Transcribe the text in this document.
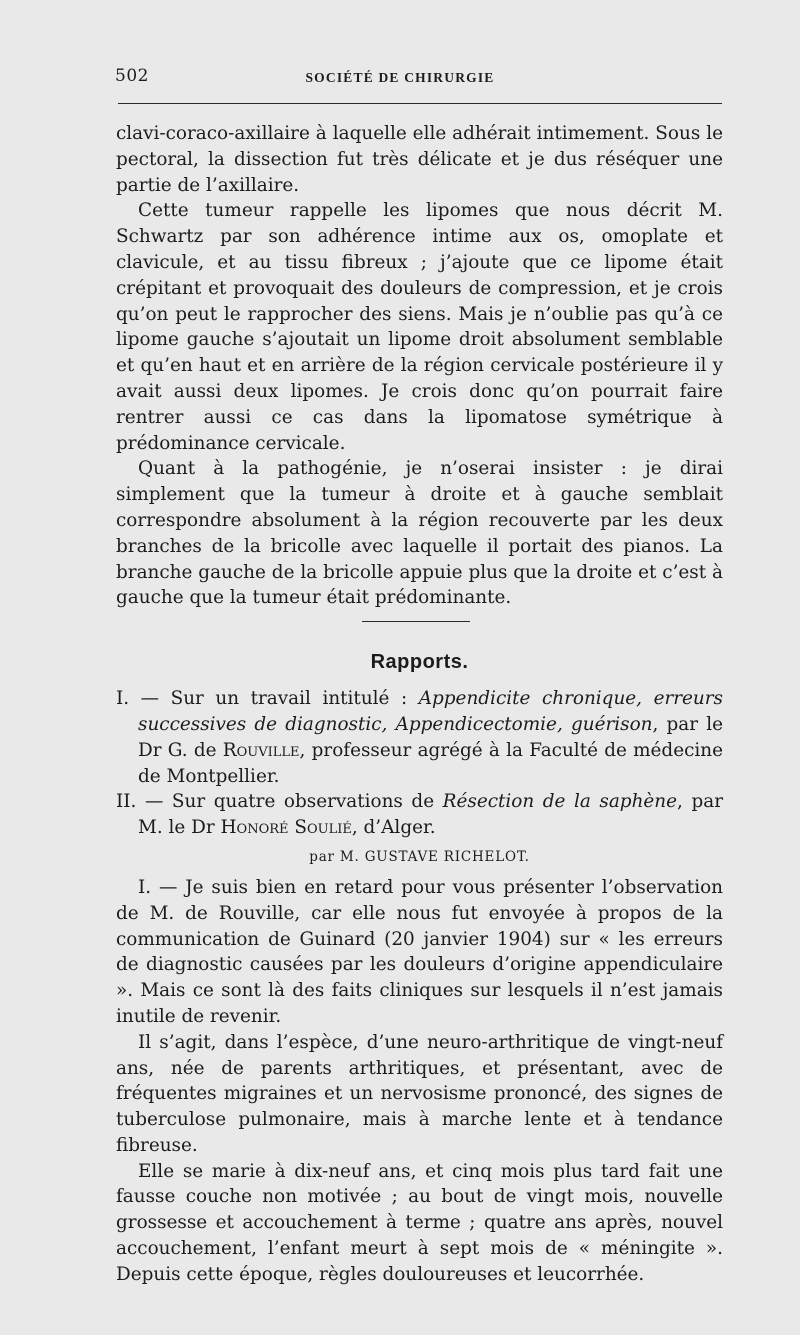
502	SOCIÉTÉ DE CHIRURGIE

clavi-coraco-axillaire à laquelle elle adhérait intimement. Sous le pectoral, la dissection fut très délicate et je dus réséquer une partie de l’axillaire.

Cette tumeur rappelle les lipomes que nous décrit M. Schwartz par son adhérence intime aux os, omoplate et clavicule, et au tissu fibreux ; j’ajoute que ce lipome était crépitant et provoquait des douleurs de compression, et je crois qu’on peut le rapprocher des siens. Mais je n’oublie pas qu’à ce lipome gauche s’ajoutait un lipome droit absolument semblable et qu’en haut et en arrière de la région cervicale postérieure il y avait aussi deux lipomes. Je crois donc qu’on pourrait faire rentrer aussi ce cas dans la lipomatose symétrique à prédominance cervicale.

Quant à la pathogénie, je n’oserai insister : je dirai simplement que la tumeur à droite et à gauche semblait correspondre absolument à la région recouverte par les deux branches de la bricolle avec laquelle il portait des pianos. La branche gauche de la bricolle appuie plus que la droite et c’est à gauche que la tumeur était prédominante.

Rapports.

I. — Sur un travail intitulé : Appendicite chronique, erreurs successives de diagnostic, Appendicectomie, guérison, par le Dr G. de Rouville, professeur agrégé à la Faculté de médecine de Montpellier.

II. — Sur quatre observations de Résection de la saphène, par M. le Dr Honoré Soulié, d’Alger.

par M. GUSTAVE RICHELOT.

I. — Je suis bien en retard pour vous présenter l’observation de M. de Rouville, car elle nous fut envoyée à propos de la communication de Guinard (20 janvier 1904) sur « les erreurs de diagnostic causées par les douleurs d’origine appendiculaire ». Mais ce sont là des faits cliniques sur lesquels il n’est jamais inutile de revenir.

Il s’agit, dans l’espèce, d’une neuro-arthritique de vingt-neuf ans, née de parents arthritiques, et présentant, avec de fréquentes migraines et un nervosisme prononcé, des signes de tuberculose pulmonaire, mais à marche lente et à tendance fibreuse.

Elle se marie à dix-neuf ans, et cinq mois plus tard fait une fausse couche non motivée ; au bout de vingt mois, nouvelle grossesse et accouchement à terme ; quatre ans après, nouvel accouchement, l’enfant meurt à sept mois de « méningite ». Depuis cette époque, règles douloureuses et leucorrhée.
